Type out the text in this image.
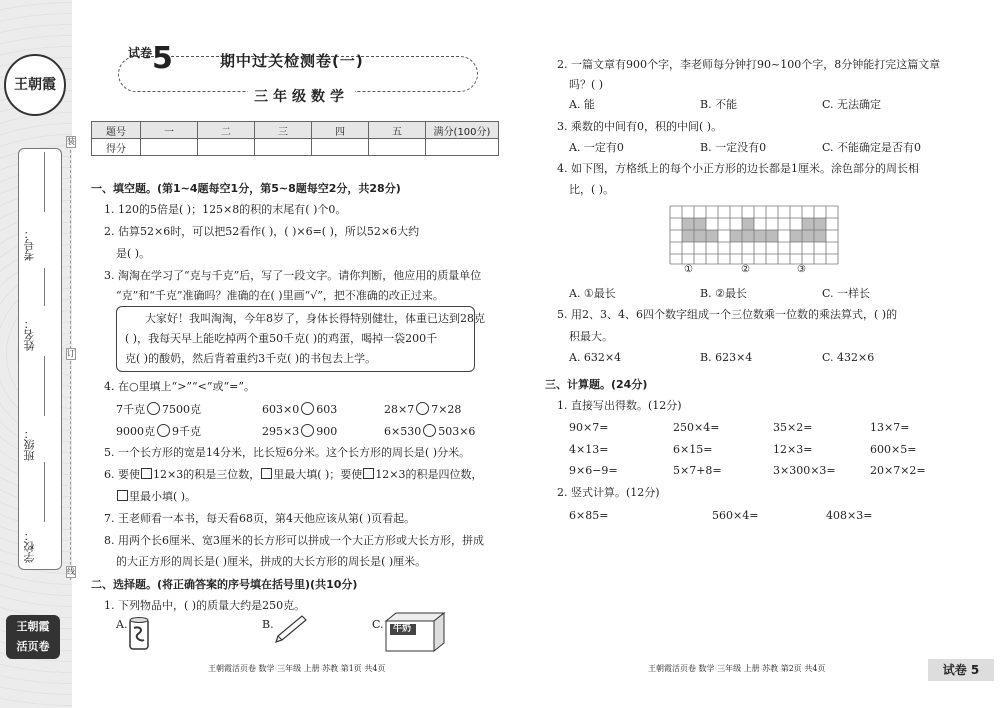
王朝霞
考号：
姓名：
班级：
学校：
装
订
线
王朝霞
活页卷
$^{试卷}$5	期中过关检测卷(一)
三年级数学
题号	一	二	三	四	五	满分(100分)
得分						
一、填空题。(第1~4题每空1分，第5~8题每空2分，共28分)
1. 120的5倍是( )；125×8的积的末尾有( )个0。
2. 估算52×6时，可以把52看作( )，( )×6=( )，所以52×6大约
是( )。
3. 淘淘在学习了“克与千克”后，写了一段文字。请你判断，他应用的质量单位
“克”和“千克”准确吗？准确的在( )里画“√”，把不准确的改正过来。
大家好！我叫淘淘，今年8岁了，身体长得特别健壮，体重已达到28克
( )，我每天早上能吃掉两个重50千克( )的鸡蛋，喝掉一袋200千
克( )的酸奶，然后背着重约3千克( )的书包去上学。
4. 在○里填上“>”“<”或“=”。
7千克 7500克	603×0 603	28×7 7×28
9000克 9千克	295×3 900	6×530 503×6
5. 一个长方形的宽是14分米，比长短6分米。这个长方形的周长是( )分米。
6. 要使 12×3的积是三位数， 里最大填( )；要使 12×3的积是四位数，
里最小填( )。
7. 王老师看一本书，每天看68页，第4天他应该从第( )页看起。
8. 用两个长6厘米、宽3厘米的长方形可以拼成一个大正方形或大长方形，拼成
的大正方形的周长是( )厘米，拼成的大长方形的周长是( )厘米。
二、选择题。(将正确答案的序号填在括号里)(共10分)
1. 下列物品中，( )的质量大约是250克。
A.	B.	C. 牛奶
2. 一篇文章有900个字，李老师每分钟打90~100个字，8分钟能打完这篇文章
吗？( )
A. 能	B. 不能	C. 无法确定
3. 乘数的中间有0，积的中间( )。
A. 一定有0	B. 一定没有0	C. 不能确定是否有0
4. 如下图，方格纸上的每个小正方形的边长都是1厘米。涂色部分的周长相
比，( )。
①	②	③
A. ①最长	B. ②最长	C. 一样长
5. 用2、3、4、6四个数字组成一个三位数乘一位数的乘法算式，( )的
积最大。
A. 632×4	B. 623×4	C. 432×6
三、计算题。(24分)
1. 直接写出得数。(12分)
90×7=	250×4=	35×2=	13×7=
4×13=	6×15=	12×3=	600×5=
9×6−9=	5×7+8=	3×300×3=	20×7×2=
2. 竖式计算。(12分)
6×85=	560×4=	408×3=
王朝霞活页卷 数学 三年级 上册 苏教 第1页 共4页	王朝霞活页卷 数学 三年级 上册 苏教 第2页 共4页	试卷 5
